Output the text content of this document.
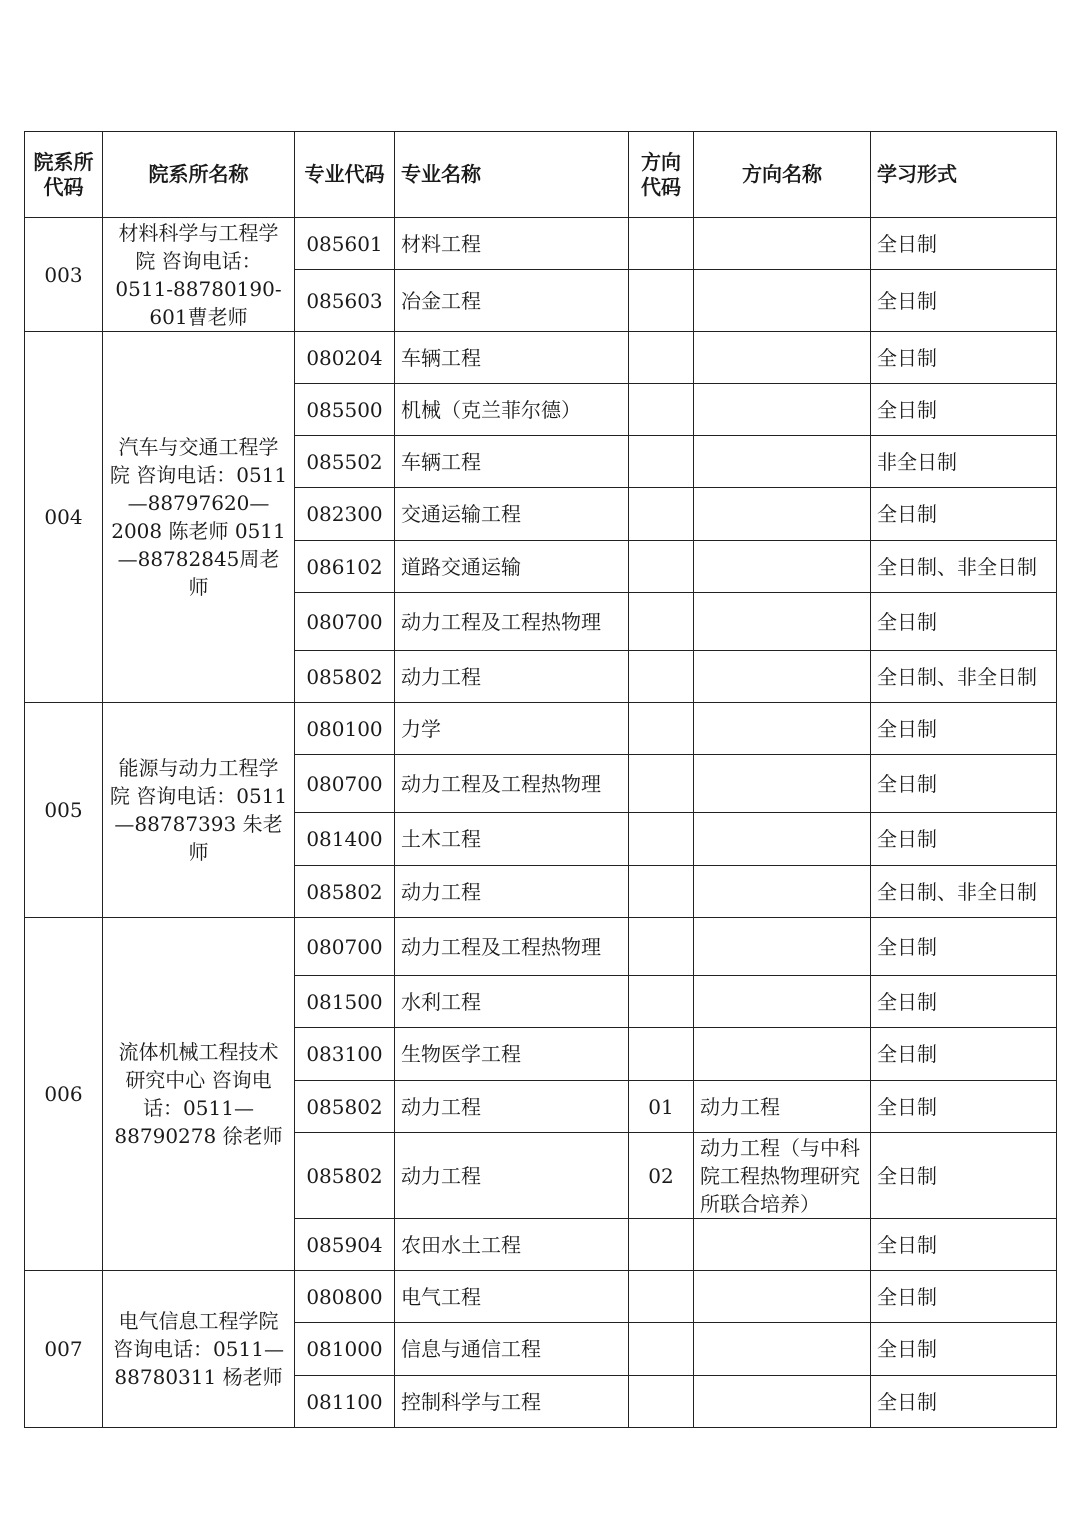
院系所代码	院系所名称	专业代码	专业名称	方向代码	方向名称	学习形式
003	材料科学与工程学院 咨询电话：0511-88780190-601曹老师	085601	材料工程			全日制
		085603	冶金工程			全日制
004	汽车与交通工程学院 咨询电话：0511—88797620—2008 陈老师 0511—88782845周老师	080204	车辆工程			全日制
		085500	机械（克兰菲尔德）			全日制
		085502	车辆工程			非全日制
		082300	交通运输工程			全日制
		086102	道路交通运输			全日制、非全日制
		080700	动力工程及工程热物理			全日制
		085802	动力工程			全日制、非全日制
005	能源与动力工程学院 咨询电话：0511—88787393 朱老师	080100	力学			全日制
		080700	动力工程及工程热物理			全日制
		081400	土木工程			全日制
		085802	动力工程			全日制、非全日制
006	流体机械工程技术研究中心 咨询电话：0511—88790278 徐老师	080700	动力工程及工程热物理			全日制
		081500	水利工程			全日制
		083100	生物医学工程			全日制
		085802	动力工程	01	动力工程	全日制
		085802	动力工程	02	动力工程（与中科院工程热物理研究所联合培养）	全日制
		085904	农田水土工程			全日制
007	电气信息工程学院 咨询电话：0511—88780311 杨老师	080800	电气工程			全日制
		081000	信息与通信工程			全日制
		081100	控制科学与工程			全日制
